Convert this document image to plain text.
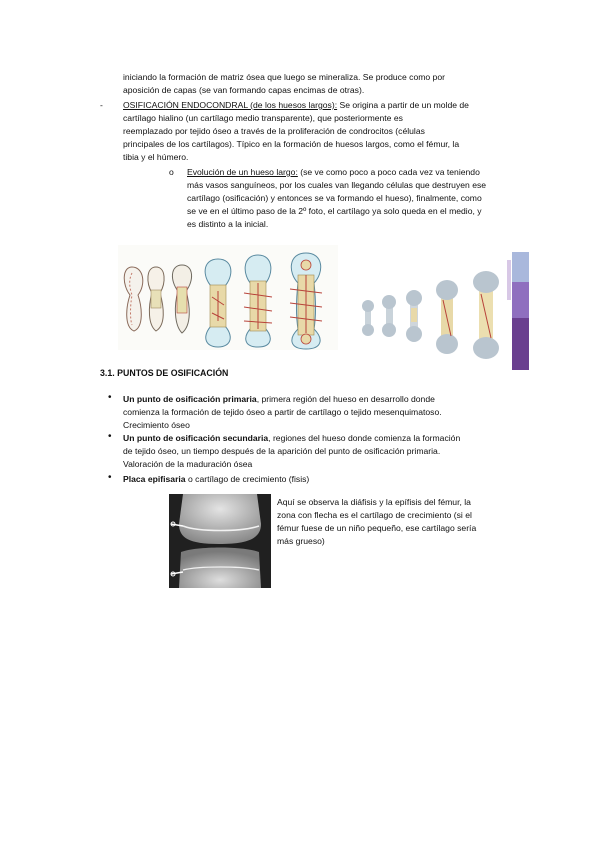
iniciando la formación de matriz ósea que luego se mineraliza. Se produce como por
aposición de capas (se van formando capas encimas de otras).
- OSIFICACIÓN ENDOCONDRAL (de los huesos largos): Se origina a partir de un molde de
cartílago hialino (un cartílago medio transparente), que posteriormente es
reemplazado por tejido óseo a través de la proliferación de condrocitos (células
principales de los cartílagos). Típico en la formación de huesos largos, como el fémur, la
tibia y el húmero.
o Evolución de un hueso largo: (se ve como poco a poco cada vez va teniendo
más vasos sanguíneos, por los cuales van llegando células que destruyen ese
cartílago (osificación) y entonces se va formando el hueso), finalmente, como
se ve en el último paso de la 2º foto, el cartílago ya solo queda en el medio, y
es distinto a la inicial.
3.1. PUNTOS DE OSIFICACIÓN
• Un punto de osificación primaria, primera región del hueso en desarrollo donde
comienza la formación de tejido óseo a partir de cartílago o tejido mesenquimatoso.
Crecimiento óseo
• Un punto de osificación secundaria, regiones del hueso donde comienza la formación
de tejido óseo, un tiempo después de la aparición del punto de osificación primaria.
Valoración de la maduración ósea
• Placa epifisaria o cartílago de crecimiento (fisis)
Aquí se observa la diáfisis y la epífisis del fémur, la
zona con flecha es el cartílago de crecimiento (si el
fémur fuese de un niño pequeño, ese cartílago sería
más grueso)
